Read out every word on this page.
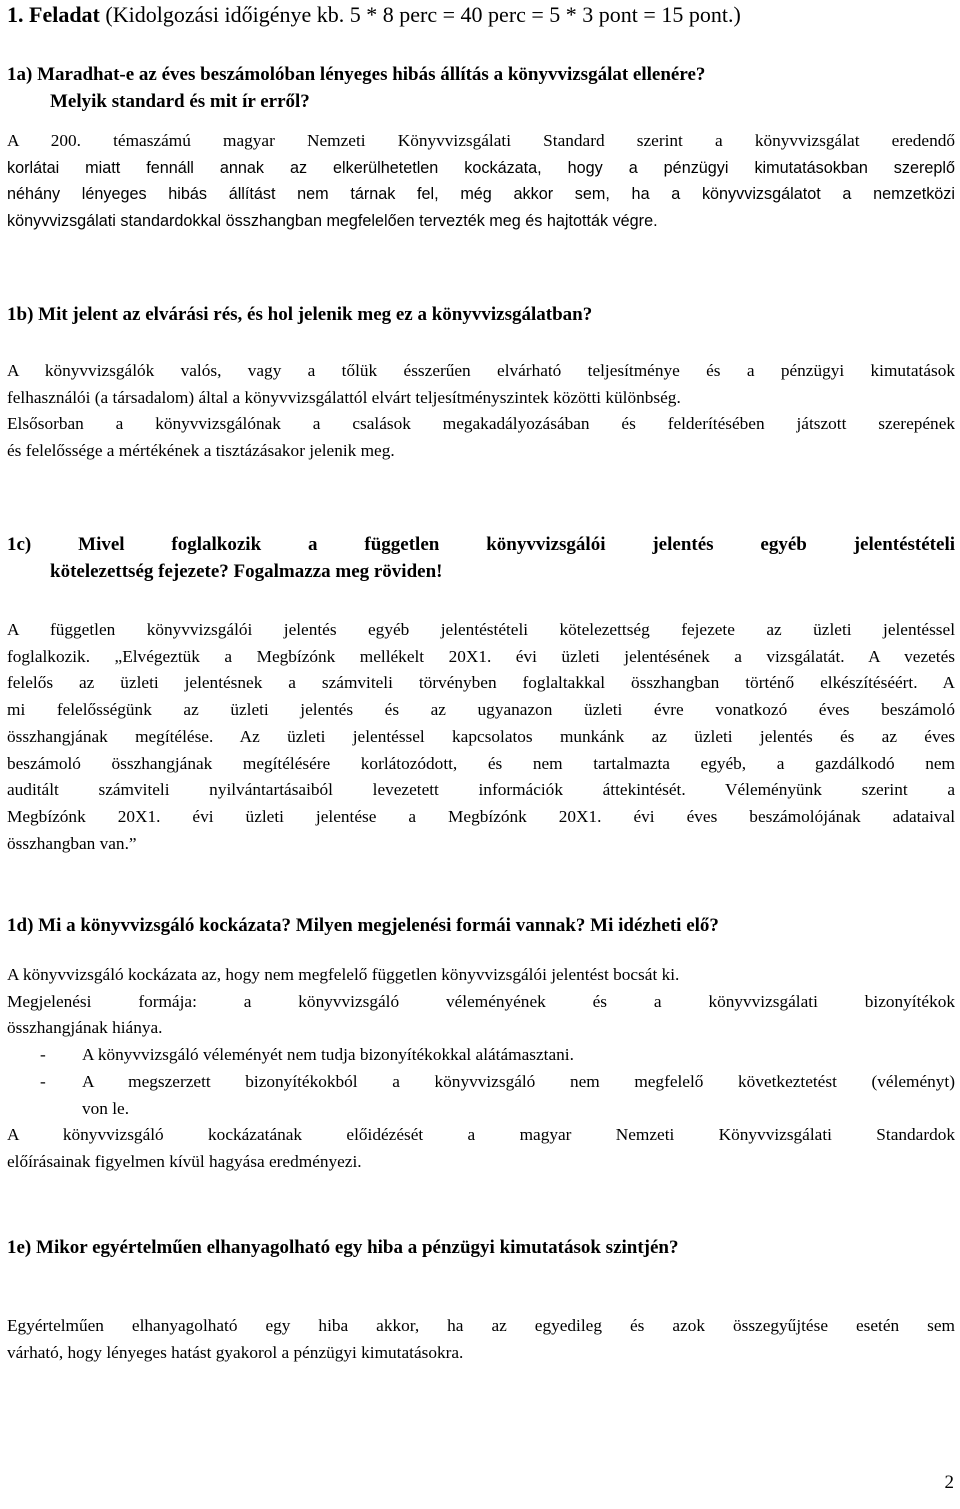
1. Feladat (Kidolgozási időigénye kb. 5 * 8 perc = 40 perc = 5 * 3 pont = 15 pont.)
1a) Maradhat-e az éves beszámolóban lényeges hibás állítás a könyvvizsgálat ellenére?
Melyik standard és mit ír erről?
A 200. témaszámú magyar Nemzeti Könyvvizsgálati Standard szerint a könyvvizsgálat eredendő
korlátai miatt fennáll annak az elkerülhetetlen kockázata, hogy a pénzügyi kimutatásokban szereplő
néhány lényeges hibás állítást nem tárnak fel, még akkor sem, ha a könyvvizsgálatot a nemzetközi
könyvvizsgálati standardokkal összhangban megfelelően tervezték meg és hajtották végre.
1b) Mit jelent az elvárási rés, és hol jelenik meg ez a könyvvizsgálatban?
A könyvvizsgálók valós, vagy a tőlük ésszerűen elvárható teljesítménye és a pénzügyi kimutatások
felhasználói (a társadalom) által a könyvvizsgálattól elvárt teljesítményszintek közötti különbség.
Elsősorban a könyvvizsgálónak a csalások megakadályozásában és felderítésében játszott szerepének
és felelőssége a mértékének a tisztázásakor jelenik meg.
1c) Mivel foglalkozik a független könyvvizsgálói jelentés egyéb jelentéstételi
kötelezettség fejezete? Fogalmazza meg röviden!
A független könyvvizsgálói jelentés egyéb jelentéstételi kötelezettség fejezete az üzleti jelentéssel
foglalkozik. „Elvégeztük a Megbízónk mellékelt 20X1. évi üzleti jelentésének a vizsgálatát. A vezetés
felelős az üzleti jelentésnek a számviteli törvényben foglaltakkal összhangban történő elkészítéséért. A
mi felelősségünk az üzleti jelentés és az ugyanazon üzleti évre vonatkozó éves beszámoló
összhangjának megítélése. Az üzleti jelentéssel kapcsolatos munkánk az üzleti jelentés és az éves
beszámoló összhangjának megítélésére korlátozódott, és nem tartalmazta egyéb, a gazdálkodó nem
auditált számviteli nyilvántartásaiból levezetett információk áttekintését. Véleményünk szerint a
Megbízónk 20X1. évi üzleti jelentése a Megbízónk 20X1. évi éves beszámolójának adataival
összhangban van.”
1d) Mi a könyvvizsgáló kockázata? Milyen megjelenési formái vannak? Mi idézheti elő?
A könyvvizsgáló kockázata az, hogy nem megfelelő független könyvvizsgálói jelentést bocsát ki.
Megjelenési formája: a könyvvizsgáló véleményének és a könyvvizsgálati bizonyítékok
összhangjának hiánya.
- A könyvvizsgáló véleményét nem tudja bizonyítékokkal alátámasztani.
- A megszerzett bizonyítékokból a könyvvizsgáló nem megfelelő következtetést (véleményt)
von le.
A könyvvizsgáló kockázatának előidézését a magyar Nemzeti Könyvvizsgálati Standardok
előírásainak figyelmen kívül hagyása eredményezi.
1e) Mikor egyértelműen elhanyagolható egy hiba a pénzügyi kimutatások szintjén?
Egyértelműen elhanyagolható egy hiba akkor, ha az egyedileg és azok összegyűjtése esetén sem
várható, hogy lényeges hatást gyakorol a pénzügyi kimutatásokra.
2
